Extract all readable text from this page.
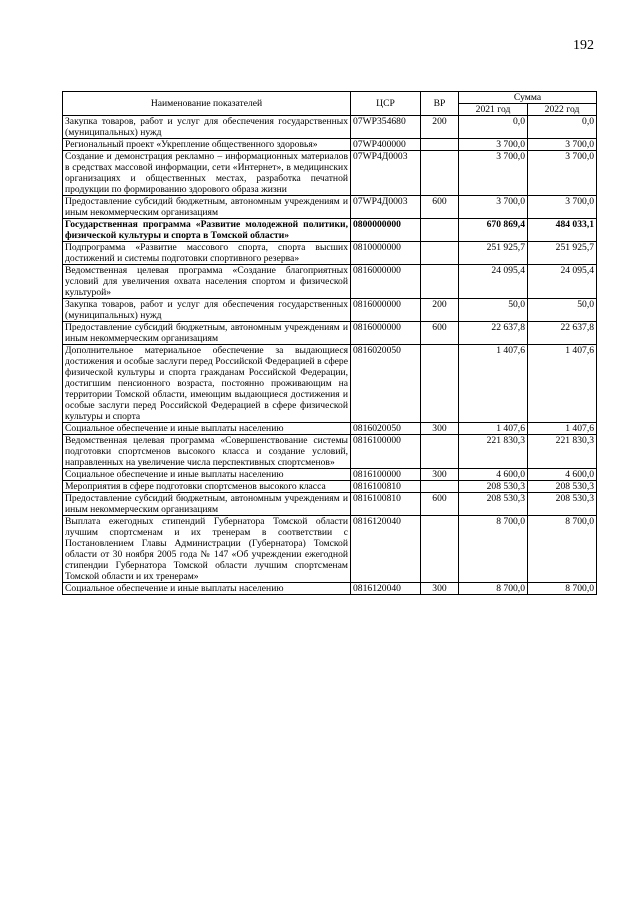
192
Наименование показателей	ЦСР	ВР	Сумма	
			2021 год	2022 год
Закупка товаров, работ и услуг для обеспечения государственных (муниципальных) нужд	07WP354680	200	0,0	0,0
Региональный проект «Укрепление общественного здоровья»	07WP400000		3 700,0	3 700,0
Создание и демонстрация рекламно – информационных материалов в средствах массовой информации, сети «Интернет», в медицинских организациях и общественных местах, разработка печатной продукции по формированию здорового образа жизни	07WP4Д0003		3 700,0	3 700,0
Предоставление субсидий бюджетным, автономным учреждениям и иным некоммерческим организациям	07WP4Д0003	600	3 700,0	3 700,0
Государственная программа «Развитие молодежной политики, физической культуры и спорта в Томской области»	0800000000		670 869,4	484 033,1
Подпрограмма «Развитие массового спорта, спорта высших достижений и системы подготовки спортивного резерва»	0810000000		251 925,7	251 925,7
Ведомственная целевая программа «Создание благоприятных условий для увеличения охвата населения спортом и физической культурой»	0816000000		24 095,4	24 095,4
Закупка товаров, работ и услуг для обеспечения государственных (муниципальных) нужд	0816000000	200	50,0	50,0
Предоставление субсидий бюджетным, автономным учреждениям и иным некоммерческим организациям	0816000000	600	22 637,8	22 637,8
Дополнительное материальное обеспечение за выдающиеся достижения и особые заслуги перед Российской Федерацией в сфере физической культуры и спорта гражданам Российской Федерации, достигшим пенсионного возраста, постоянно проживающим на территории Томской области, имеющим выдающиеся достижения и особые заслуги перед Российской Федерацией в сфере физической культуры и спорта	0816020050		1 407,6	1 407,6
Социальное обеспечение и иные выплаты населению	0816020050	300	1 407,6	1 407,6
Ведомственная целевая программа «Совершенствование системы подготовки спортсменов высокого класса и создание условий, направленных на увеличение числа перспективных спортсменов»	0816100000		221 830,3	221 830,3
Социальное обеспечение и иные выплаты населению	0816100000	300	4 600,0	4 600,0
Мероприятия в сфере подготовки спортсменов высокого класса	0816100810		208 530,3	208 530,3
Предоставление субсидий бюджетным, автономным учреждениям и иным некоммерческим организациям	0816100810	600	208 530,3	208 530,3
Выплата ежегодных стипендий Губернатора Томской области лучшим спортсменам и их тренерам в соответствии с Постановлением Главы Администрации (Губернатора) Томской области от 30 ноября 2005 года № 147 «Об учреждении ежегодной стипендии Губернатора Томской области лучшим спортсменам Томской области и их тренерам»	0816120040		8 700,0	8 700,0
Социальное обеспечение и иные выплаты населению	0816120040	300	8 700,0	8 700,0
